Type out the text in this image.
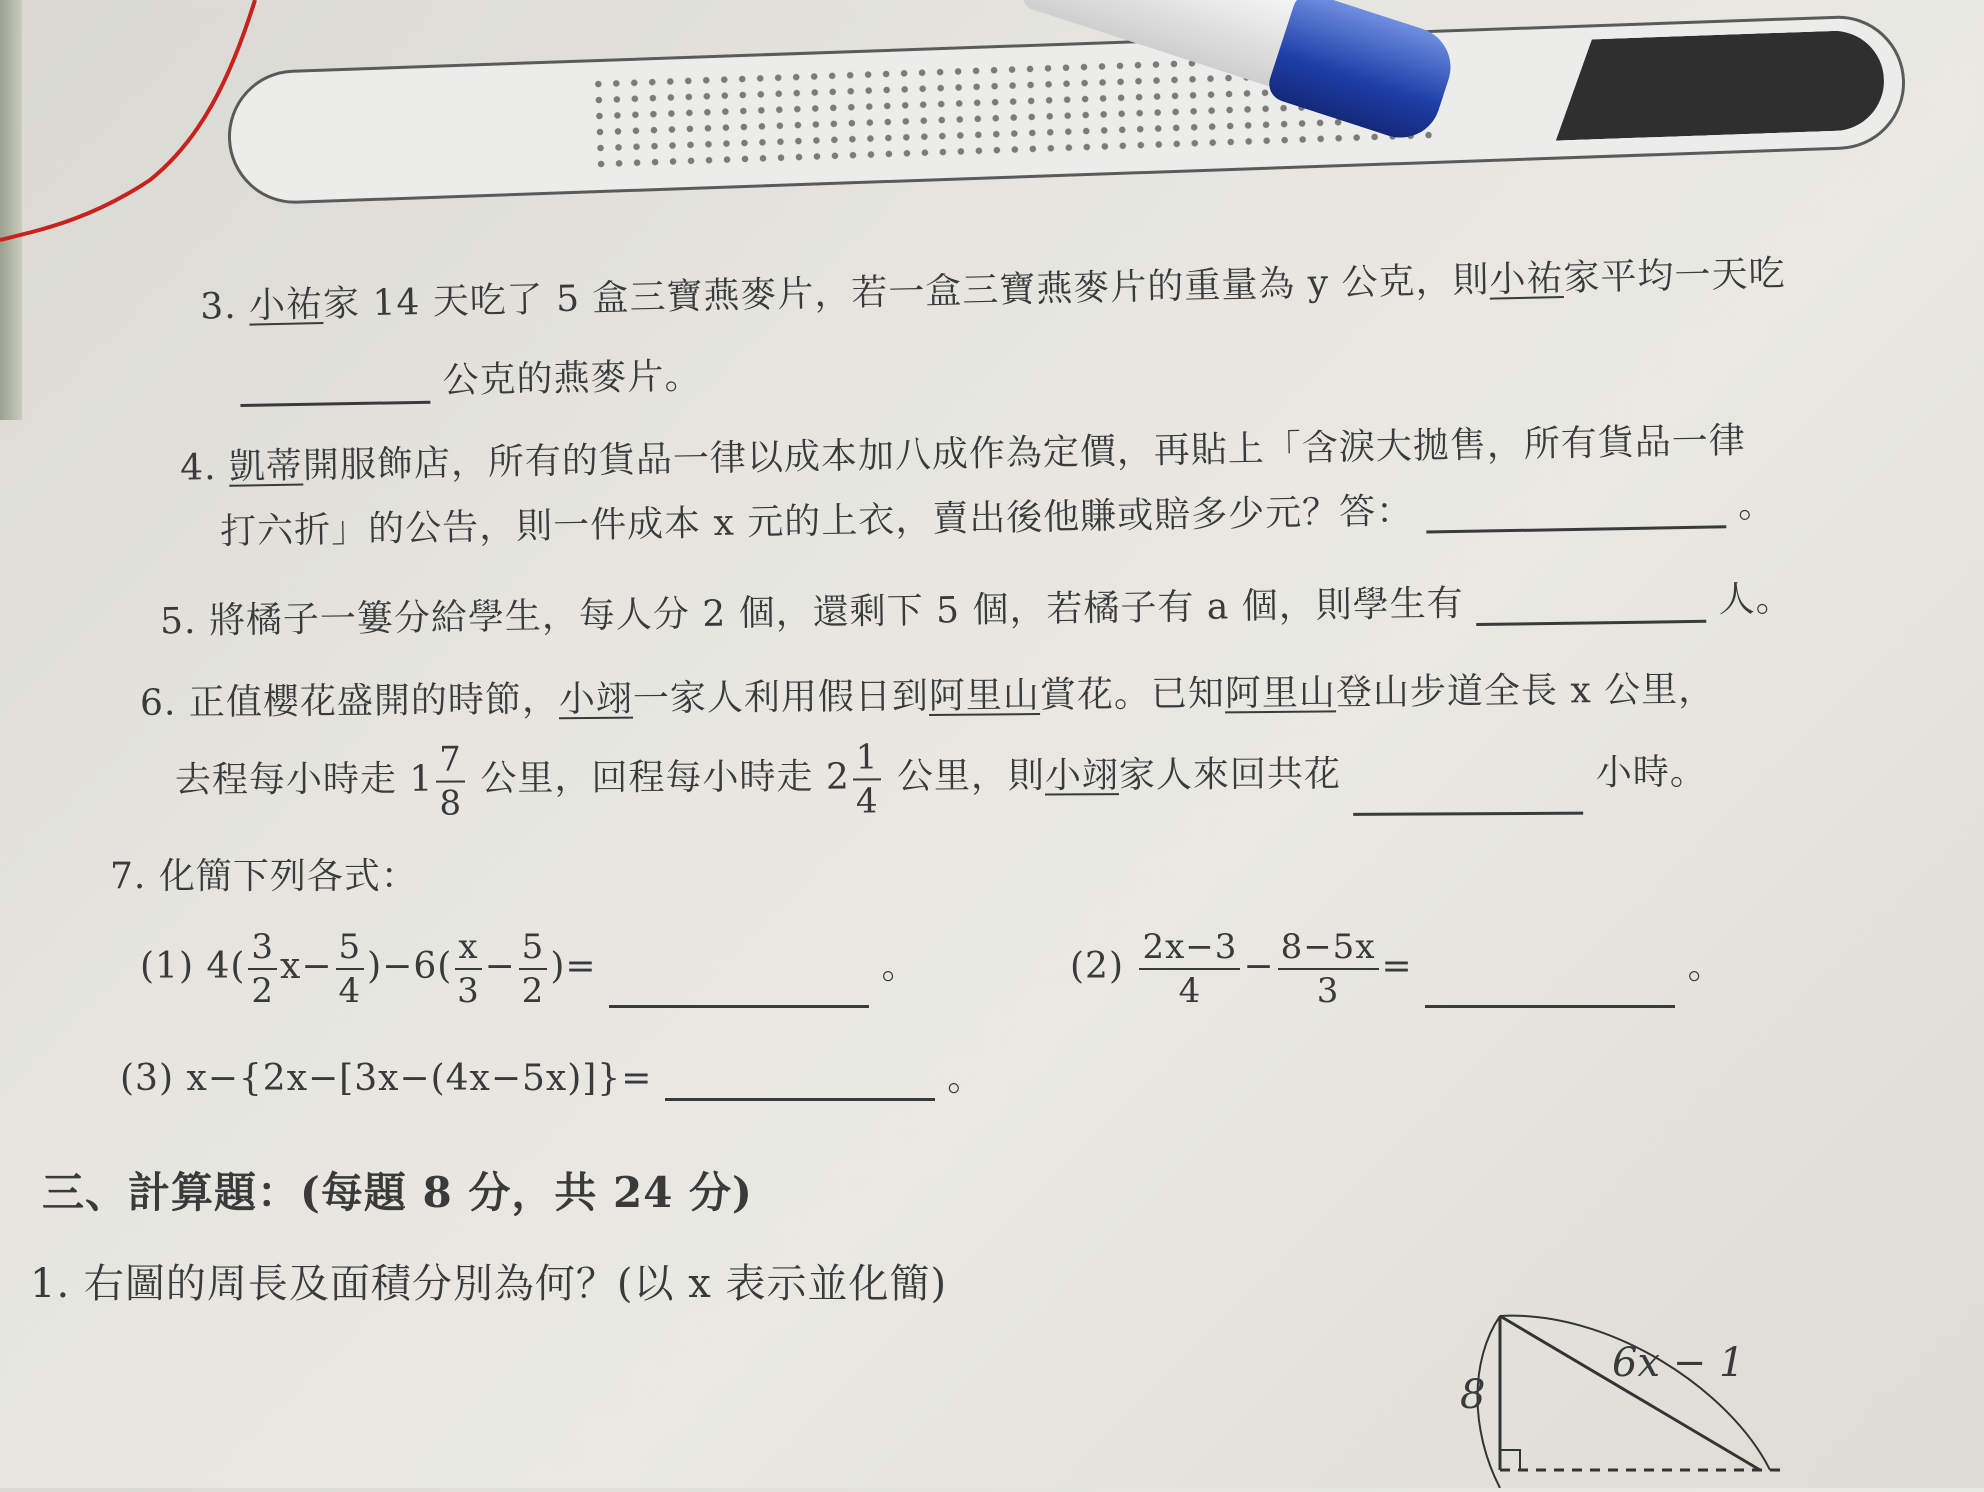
3. 小祐家 14 天吃了 5 盒三寶燕麥片，若一盒三寶燕麥片的重量為 y 公克，則小祐家平均一天吃
公克的燕麥片。
4. 凱蒂開服飾店，所有的貨品一律以成本加八成作為定價，再貼上「含淚大拋售，所有貨品一律
打六折」的公告，則一件成本 x 元的上衣，賣出後他賺或賠多少元？答：	。
5. 將橘子一簍分給學生，每人分 2 個，還剩下 5 個，若橘子有 a 個，則學生有	人。
6. 正值櫻花盛開的時節，小翊一家人利用假日到阿里山賞花。已知阿里山登山步道全長 x 公里，
去程每小時走 $1 \frac{7}{8}$ 公里，回程每小時走 $2 \frac{1}{4}$ 公里，則小翊家人來回共花	小時。
7. 化簡下列各式：
(1) $4( \frac{3}{2} x- \frac{5}{4} )-6( \frac{x}{3} - \frac{5}{2}$ )=	。	$(2) \frac{2x-3}{4} - \frac{8-5x}{3}$ =	。
(3) x−{2x−[3x−(4x−5x)]}=	。
三、計算題：(每題 8 分，共 24 分)
1. 右圖的周長及面積分別為何？(以 x 表示並化簡)
8
6x − 1
